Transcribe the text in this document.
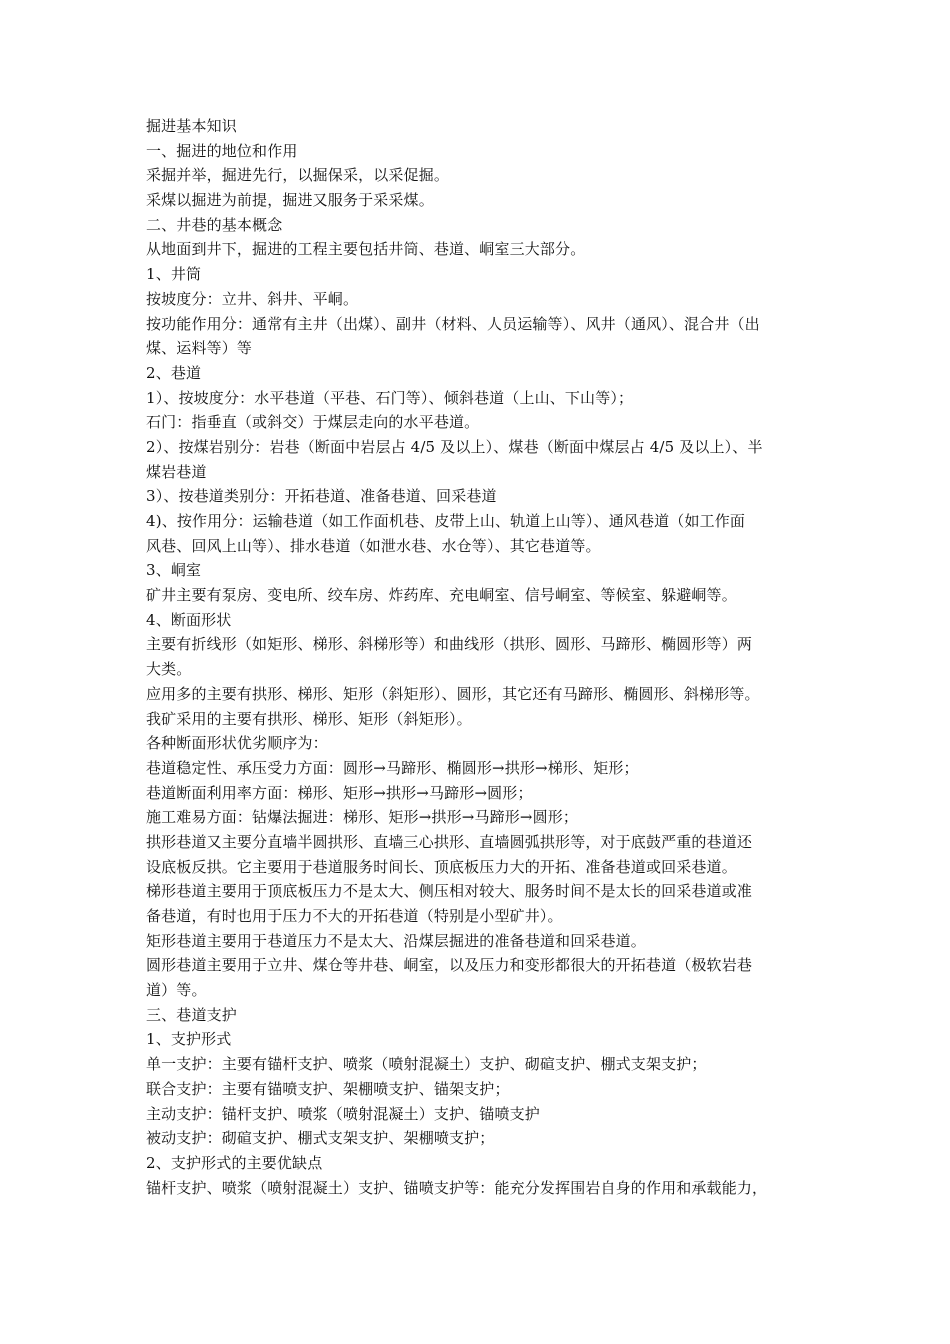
掘进基本知识
一、掘进的地位和作用
采掘并举，掘进先行，以掘保采，以采促掘。
采煤以掘进为前提，掘进又服务于采采煤。
二、井巷的基本概念
从地面到井下，掘进的工程主要包括井筒、巷道、峒室三大部分。
1、井筒
按坡度分：立井、斜井、平峒。
按功能作用分：通常有主井（出煤）、副井（材料、人员运输等）、风井（通风）、混合井（出
煤、运料等）等
2、巷道
1）、按坡度分：水平巷道（平巷、石门等）、倾斜巷道（上山、下山等）；
石门：指垂直（或斜交）于煤层走向的水平巷道。
2）、按煤岩别分：岩巷（断面中岩层占 4/5 及以上）、煤巷（断面中煤层占 4/5 及以上）、半
煤岩巷道
3）、按巷道类别分：开拓巷道、准备巷道、回采巷道
4)、按作用分：运输巷道（如工作面机巷、皮带上山、轨道上山等）、通风巷道（如工作面
风巷、回风上山等）、排水巷道（如泄水巷、水仓等）、其它巷道等。
3、峒室
矿井主要有泵房、变电所、绞车房、炸药库、充电峒室、信号峒室、等候室、躲避峒等。
4、断面形状
主要有折线形（如矩形、梯形、斜梯形等）和曲线形（拱形、圆形、马蹄形、椭圆形等）两
大类。
应用多的主要有拱形、梯形、矩形（斜矩形）、圆形，其它还有马蹄形、椭圆形、斜梯形等。
我矿采用的主要有拱形、梯形、矩形（斜矩形）。
各种断面形状优劣顺序为：
巷道稳定性、承压受力方面：圆形→马蹄形、椭圆形→拱形→梯形、矩形；
巷道断面利用率方面：梯形、矩形→拱形→马蹄形→圆形；
施工难易方面：钻爆法掘进：梯形、矩形→拱形→马蹄形→圆形；
拱形巷道又主要分直墙半圆拱形、直墙三心拱形、直墙圆弧拱形等，对于底鼓严重的巷道还
设底板反拱。它主要用于巷道服务时间长、顶底板压力大的开拓、准备巷道或回采巷道。
梯形巷道主要用于顶底板压力不是太大、侧压相对较大、服务时间不是太长的回采巷道或准
备巷道，有时也用于压力不大的开拓巷道（特别是小型矿井）。
矩形巷道主要用于巷道压力不是太大、沿煤层掘进的准备巷道和回采巷道。
圆形巷道主要用于立井、煤仓等井巷、峒室，以及压力和变形都很大的开拓巷道（极软岩巷
道）等。
三、巷道支护
1、支护形式
单一支护：主要有锚杆支护、喷浆（喷射混凝土）支护、砌碹支护、棚式支架支护；
联合支护：主要有锚喷支护、架棚喷支护、锚架支护；
主动支护：锚杆支护、喷浆（喷射混凝土）支护、锚喷支护
被动支护：砌碹支护、棚式支架支护、架棚喷支护；
2、支护形式的主要优缺点
锚杆支护、喷浆（喷射混凝土）支护、锚喷支护等：能充分发挥围岩自身的作用和承载能力，
